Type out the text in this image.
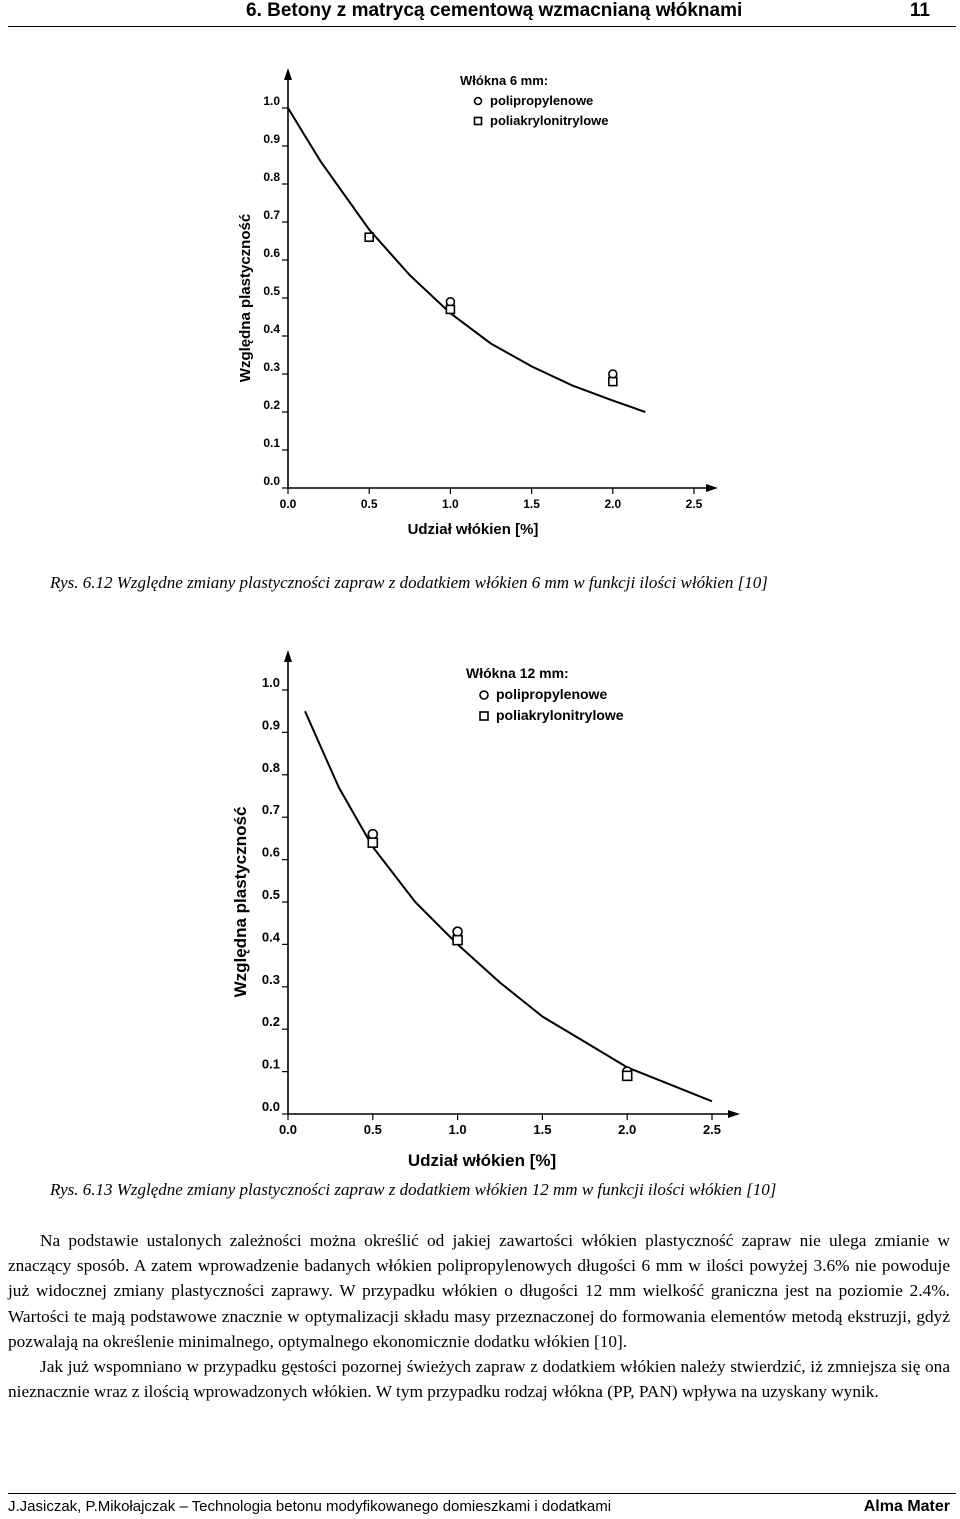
6. Betony z matrycą cementową wzmacnianą włóknami	11
0.0
0.1
0.2
0.3
0.4
0.5
0.6
0.7
0.8
0.9
1.0
0.0	0.5	1.0	1.5	2.0	2.5
Udział włókien [%]
Względna plastyczność
Włókna 6 mm:
polipropylenowe
poliakrylonitrylowe
Rys. 6.12 Względne zmiany plastyczności zapraw z dodatkiem włókien 6 mm w funkcji ilości włókien [10]
0.0
0.1
0.2
0.3
0.4
0.5
0.6
0.7
0.8
0.9
1.0
0.0	0.5	1.0	1.5	2.0	2.5
Udział włókien [%]
Względna plastyczność
Włókna 12 mm:
polipropylenowe
poliakrylonitrylowe
Rys. 6.13 Względne zmiany plastyczności zapraw z dodatkiem włókien 12 mm w funkcji ilości włókien [10]

Na podstawie ustalonych zależności można określić od jakiej zawartości włókien plastyczność zapraw nie ulega zmianie w znaczący sposób. A zatem wprowadzenie badanych włókien polipropylenowych długości 6 mm w ilości powyżej 3.6% nie powoduje już widocznej zmiany plastyczności zaprawy. W przypadku włókien o długości 12 mm wielkość graniczna jest na poziomie 2.4%. Wartości te mają podstawowe znacznie w optymalizacji składu masy przeznaczonej do formowania elementów metodą ekstruzji, gdyż pozwalają na określenie minimalnego, optymalnego ekonomicznie dodatku włókien [10].

Jak już wspomniano w przypadku gęstości pozornej świeżych zapraw z dodatkiem włókien należy stwierdzić, iż zmniejsza się ona nieznacznie wraz z ilością wprowadzonych włókien. W tym przypadku rodzaj włókna (PP, PAN) wpływa na uzyskany wynik.

J.Jasiczak, P.Mikołajczak – Technologia betonu modyfikowanego domieszkami i dodatkami	Alma Mater
